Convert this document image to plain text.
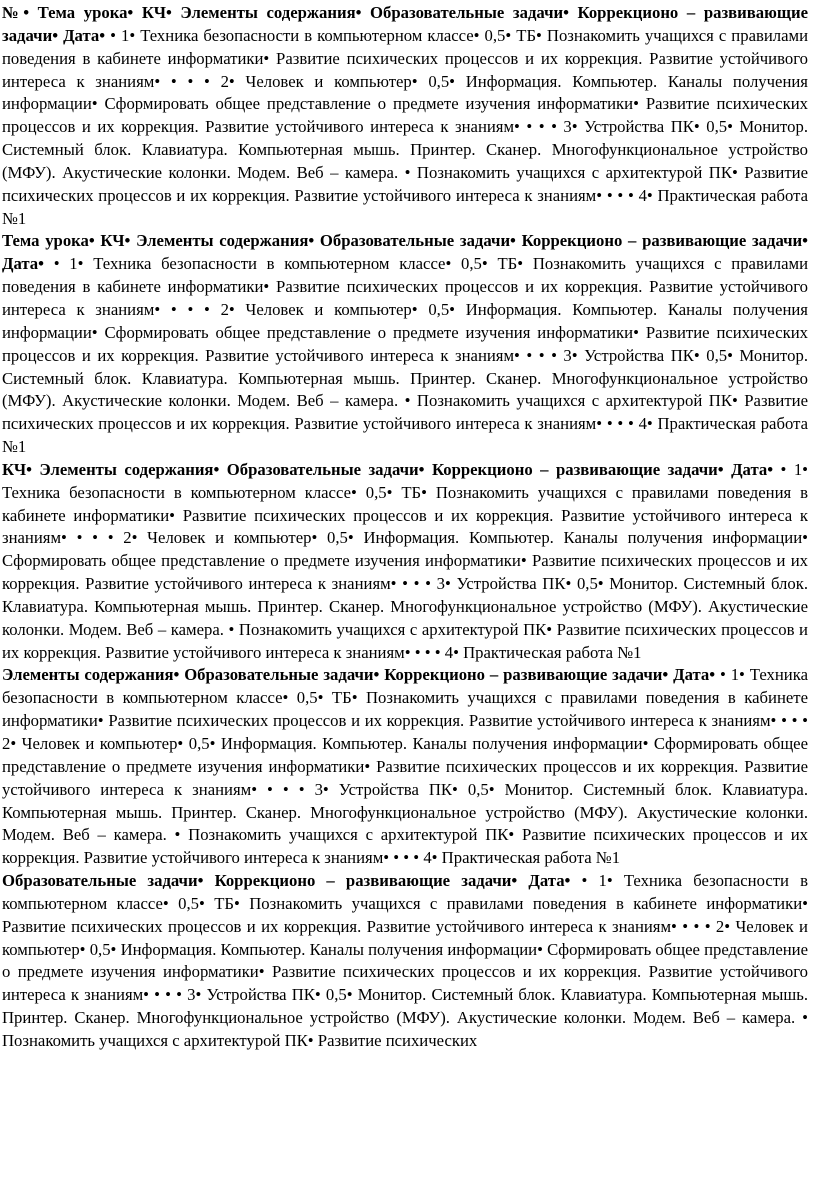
№• Тема урока• КЧ• Элементы содержания• Образовательные задачи• Коррекционо – развивающие задачи• Дата• • 1• Техника безопасности в компьютерном классе• 0,5• ТБ• Познакомить учащихся с правилами поведения в кабинете информатики• Развитие психических процессов и их коррекция. Развитие устойчивого интереса к знаниям• • • • 2• Человек и компьютер• 0,5• Информация. Компьютер. Каналы получения информации• Сформировать общее представление о предмете изучения информатики• Развитие психических процессов и их коррекция. Развитие устойчивого интереса к знаниям• • • • 3• Устройства ПК• 0,5• Монитор. Системный блок. Клавиатура. Компьютерная мышь. Принтер. Сканер. Многофункциональное устройство (МФУ). Акустические колонки. Модем. Веб – камера. • Познакомить учащихся с архитектурой ПК• Развитие психических процессов и их коррекция. Развитие устойчивого интереса к знаниям• • • • 4• Практическая работа №1

Тема урока• КЧ• Элементы содержания• Образовательные задачи• Коррекционо – развивающие задачи• Дата• • 1• Техника безопасности в компьютерном классе• 0,5• ТБ• Познакомить учащихся с правилами поведения в кабинете информатики• Развитие психических процессов и их коррекция. Развитие устойчивого интереса к знаниям• • • • 2• Человек и компьютер• 0,5• Информация. Компьютер. Каналы получения информации• Сформировать общее представление о предмете изучения информатики• Развитие психических процессов и их коррекция. Развитие устойчивого интереса к знаниям• • • • 3• Устройства ПК• 0,5• Монитор. Системный блок. Клавиатура. Компьютерная мышь. Принтер. Сканер. Многофункциональное устройство (МФУ). Акустические колонки. Модем. Веб – камера. • Познакомить учащихся с архитектурой ПК• Развитие психических процессов и их коррекция. Развитие устойчивого интереса к знаниям• • • • 4• Практическая работа №1

КЧ• Элементы содержания• Образовательные задачи• Коррекционо – развивающие задачи• Дата• • 1• Техника безопасности в компьютерном классе• 0,5• ТБ• Познакомить учащихся с правилами поведения в кабинете информатики• Развитие психических процессов и их коррекция. Развитие устойчивого интереса к знаниям• • • • 2• Человек и компьютер• 0,5• Информация. Компьютер. Каналы получения информации• Сформировать общее представление о предмете изучения информатики• Развитие психических процессов и их коррекция. Развитие устойчивого интереса к знаниям• • • • 3• Устройства ПК• 0,5• Монитор. Системный блок. Клавиатура. Компьютерная мышь. Принтер. Сканер. Многофункциональное устройство (МФУ). Акустические колонки. Модем. Веб – камера. • Познакомить учащихся с архитектурой ПК• Развитие психических процессов и их коррекция. Развитие устойчивого интереса к знаниям• • • • 4• Практическая работа №1

Элементы содержания• Образовательные задачи• Коррекционо – развивающие задачи• Дата• • 1• Техника безопасности в компьютерном классе• 0,5• ТБ• Познакомить учащихся с правилами поведения в кабинете информатики• Развитие психических процессов и их коррекция. Развитие устойчивого интереса к знаниям• • • • 2• Человек и компьютер• 0,5• Информация. Компьютер. Каналы получения информации• Сформировать общее представление о предмете изучения информатики• Развитие психических процессов и их коррекция. Развитие устойчивого интереса к знаниям• • • • 3• Устройства ПК• 0,5• Монитор. Системный блок. Клавиатура. Компьютерная мышь. Принтер. Сканер. Многофункциональное устройство (МФУ). Акустические колонки. Модем. Веб – камера. • Познакомить учащихся с архитектурой ПК• Развитие психических процессов и их коррекция. Развитие устойчивого интереса к знаниям• • • • 4• Практическая работа №1

Образовательные задачи• Коррекционо – развивающие задачи• Дата• • 1• Техника безопасности в компьютерном классе• 0,5• ТБ• Познакомить учащихся с правилами поведения в кабинете информатики• Развитие психических процессов и их коррекция. Развитие устойчивого интереса к знаниям• • • • 2• Человек и компьютер• 0,5• Информация. Компьютер. Каналы получения информации• Сформировать общее представление о предмете изучения информатики• Развитие психических процессов и их коррекция. Развитие устойчивого интереса к знаниям• • • • 3• Устройства ПК• 0,5• Монитор. Системный блок. Клавиатура. Компьютерная мышь. Принтер. Сканер. Многофункциональное устройство (МФУ). Акустические колонки. Модем. Веб – камера. • Познакомить учащихся с архитектурой ПК• Развитие психических
